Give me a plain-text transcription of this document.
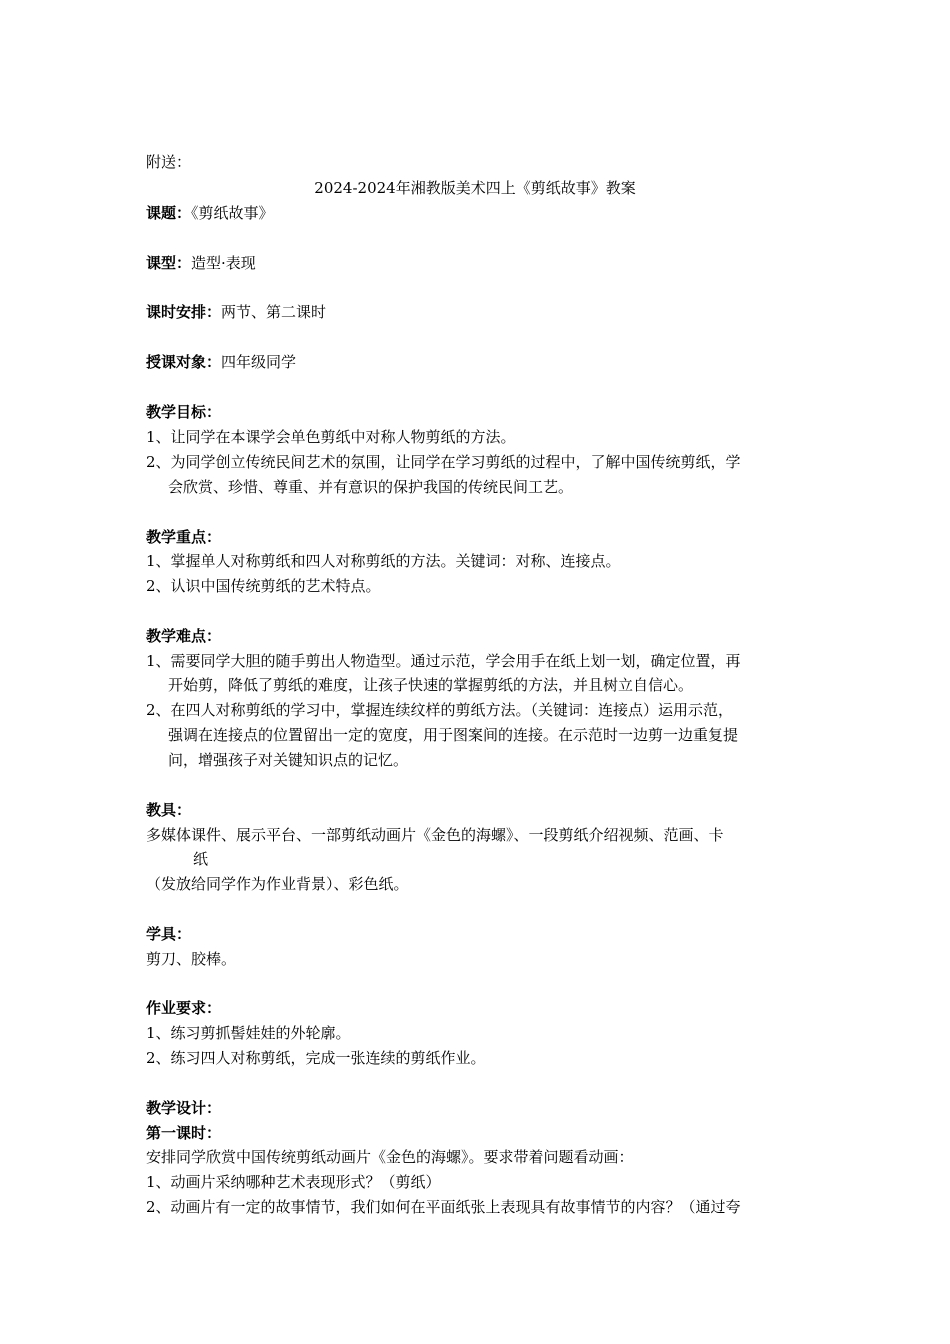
附送：
2024-2024年湘教版美术四上《剪纸故事》教案
课题：《剪纸故事》
课型：造型·表现
课时安排：两节、第二课时
授课对象：四年级同学
教学目标：
1、让同学在本课学会单色剪纸中对称人物剪纸的方法。
2、为同学创立传统民间艺术的氛围，让同学在学习剪纸的过程中，了解中国传统剪纸，学
会欣赏、珍惜、尊重、并有意识的保护我国的传统民间工艺。
教学重点：
1、掌握单人对称剪纸和四人对称剪纸的方法。关键词：对称、连接点。
2、认识中国传统剪纸的艺术特点。
教学难点：
1、需要同学大胆的随手剪出人物造型。通过示范，学会用手在纸上划一划，确定位置，再
开始剪，降低了剪纸的难度，让孩子快速的掌握剪纸的方法，并且树立自信心。
2、在四人对称剪纸的学习中，掌握连续纹样的剪纸方法。（关键词：连接点）运用示范，
强调在连接点的位置留出一定的宽度，用于图案间的连接。在示范时一边剪一边重复提
问，增强孩子对关键知识点的记忆。
教具：
多媒体课件、展示平台、一部剪纸动画片《金色的海螺》、一段剪纸介绍视频、范画、卡
纸
（发放给同学作为作业背景）、彩色纸。
学具：
剪刀、胶棒。
作业要求：
1、练习剪抓髻娃娃的外轮廓。
2、练习四人对称剪纸，完成一张连续的剪纸作业。
教学设计：
第一课时：
安排同学欣赏中国传统剪纸动画片《金色的海螺》。要求带着问题看动画：
1、动画片采纳哪种艺术表现形式？（剪纸）
2、动画片有一定的故事情节，我们如何在平面纸张上表现具有故事情节的内容？（通过夸
